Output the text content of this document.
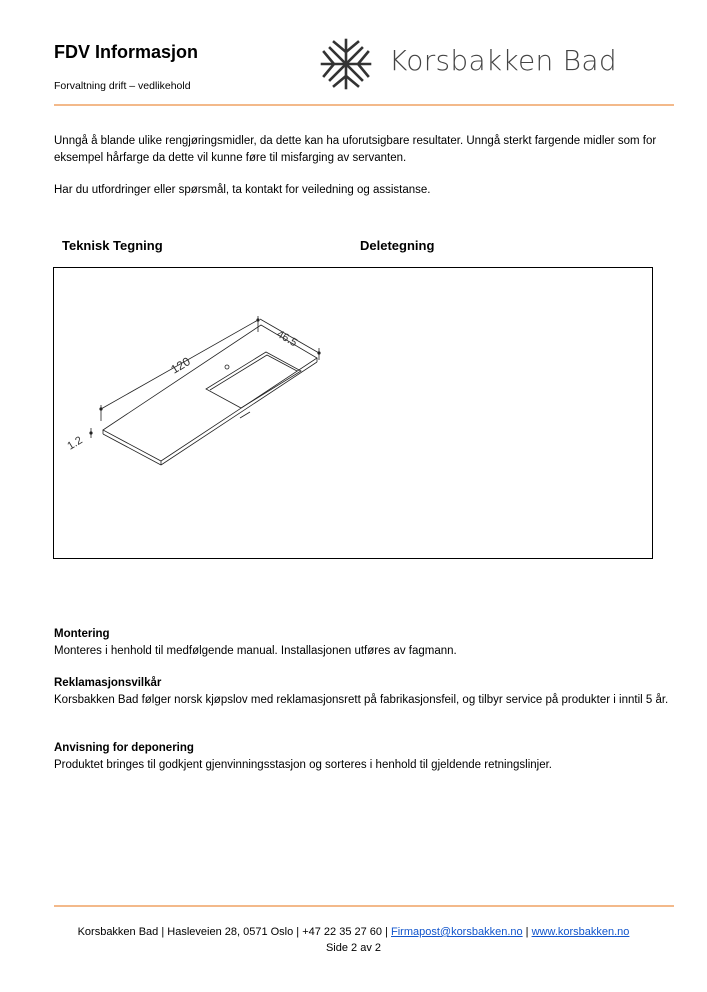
FDV Informasjon
Forvaltning drift – vedlikehold
Korsbakken Bad
Unngå å blande ulike rengjøringsmidler, da dette kan ha uforutsigbare resultater. Unngå sterkt fargende midler som for eksempel hårfarge da dette vil kunne føre til misfarging av servanten.
Har du utfordringer eller spørsmål, ta kontakt for veiledning og assistanse.
Teknisk Tegning	Deletegning
120
46.5
1.2
Montering
Monteres i henhold til medfølgende manual. Installasjonen utføres av fagmann.
Reklamasjonsvilkår
Korsbakken Bad følger norsk kjøpslov med reklamasjonsrett på fabrikasjonsfeil, og tilbyr service på produkter i inntil 5 år.
Anvisning for deponering
Produktet bringes til godkjent gjenvinningsstasjon og sorteres i henhold til gjeldende retningslinjer.
Korsbakken Bad | Hasleveien 28, 0571 Oslo | +47 22 35 27 60 | Firmapost@korsbakken.no | www.korsbakken.no
Side 2 av 2
